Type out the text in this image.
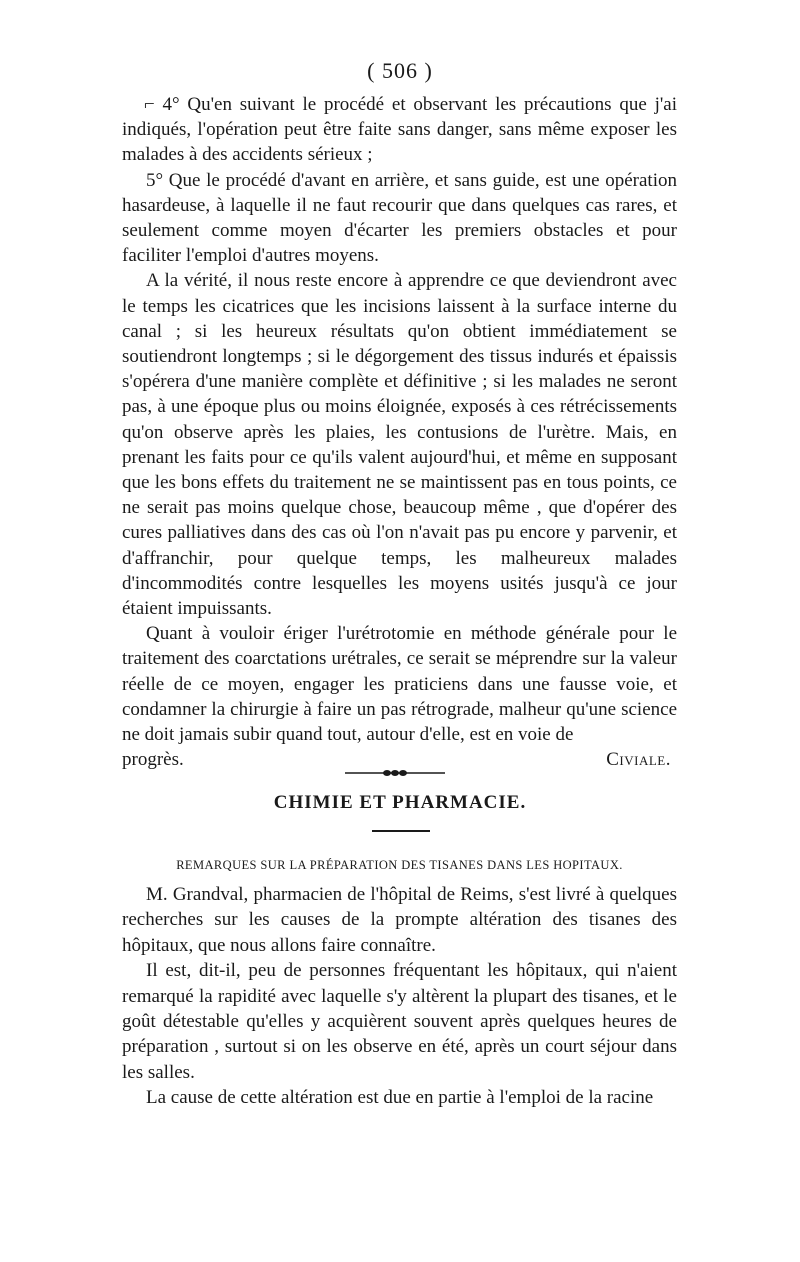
( 506 )

⌐ 4° Qu'en suivant le procédé et observant les précautions que j'ai indiqués, l'opération peut être faite sans danger, sans même exposer les malades à des accidents sérieux ;

5° Que le procédé d'avant en arrière, et sans guide, est une opération hasardeuse, à laquelle il ne faut recourir que dans quelques cas rares, et seulement comme moyen d'écarter les premiers obstacles et pour faciliter l'emploi d'autres moyens.

A la vérité, il nous reste encore à apprendre ce que deviendront avec le temps les cicatrices que les incisions laissent à la surface interne du canal ; si les heureux résultats qu'on obtient immédiatement se soutiendront longtemps ; si le dégorgement des tissus indurés et épaissis s'opérera d'une manière complète et définitive ; si les malades ne seront pas, à une époque plus ou moins éloignée, exposés à ces rétrécissements qu'on observe après les plaies, les contusions de l'urètre. Mais, en prenant les faits pour ce qu'ils valent aujourd'hui, et même en supposant que les bons effets du traitement ne se maintissent pas en tous points, ce ne serait pas moins quelque chose, beaucoup même , que d'opérer des cures palliatives dans des cas où l'on n'avait pas pu encore y parvenir, et d'affranchir, pour quelque temps, les malheureux malades d'incommodités contre lesquelles les moyens usités jusqu'à ce jour étaient impuissants.

Quant à vouloir ériger l'urétrotomie en méthode générale pour le traitement des coarctations urétrales, ce serait se méprendre sur la valeur réelle de ce moyen, engager les praticiens dans une fausse voie, et condamner la chirurgie à faire un pas rétrograde, malheur qu'une science ne doit jamais subir quand tout, autour d'elle, est en voie de

progrès.	Civiale.
CHIMIE ET PHARMACIE.
REMARQUES SUR LA PRÉPARATION DES TISANES DANS LES HOPITAUX.

M. Grandval, pharmacien de l'hôpital de Reims, s'est livré à quelques recherches sur les causes de la prompte altération des tisanes des hôpitaux, que nous allons faire connaître.

Il est, dit-il, peu de personnes fréquentant les hôpitaux, qui n'aient remarqué la rapidité avec laquelle s'y altèrent la plupart des tisanes, et le goût détestable qu'elles y acquièrent souvent après quelques heures de préparation , surtout si on les observe en été, après un court séjour dans les salles.

La cause de cette altération est due en partie à l'emploi de la racine
